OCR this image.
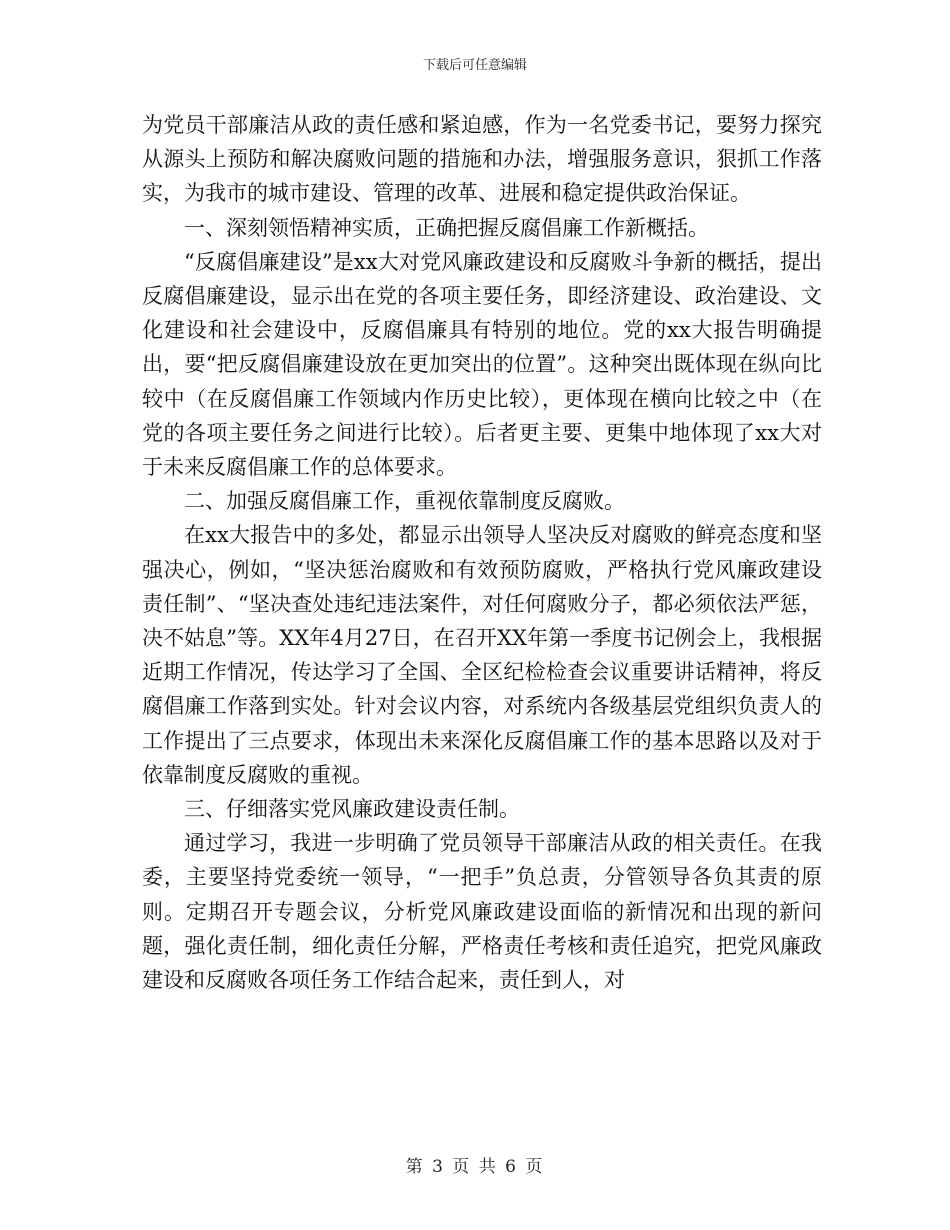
下载后可任意编辑

为党员干部廉洁从政的责任感和紧迫感，作为一名党委书记，要努力探究从源头上预防和解决腐败问题的措施和办法，增强服务意识，狠抓工作落实，为我市的城市建设、管理的改革、进展和稳定提供政治保证。

一、深刻领悟精神实质，正确把握反腐倡廉工作新概括。

“反腐倡廉建设”是xx大对党风廉政建设和反腐败斗争新的概括，提出反腐倡廉建设，显示出在党的各项主要任务，即经济建设、政治建设、文化建设和社会建设中，反腐倡廉具有特别的地位。党的xx大报告明确提出，要“把反腐倡廉建设放在更加突出的位置”。这种突出既体现在纵向比较中（在反腐倡廉工作领域内作历史比较），更体现在横向比较之中（在党的各项主要任务之间进行比较）。后者更主要、更集中地体现了xx大对于未来反腐倡廉工作的总体要求。

二、加强反腐倡廉工作，重视依靠制度反腐败。

在xx大报告中的多处，都显示出领导人坚决反对腐败的鲜亮态度和坚强决心，例如，“坚决惩治腐败和有效预防腐败，严格执行党风廉政建设责任制”、“坚决查处违纪违法案件，对任何腐败分子，都必须依法严惩，决不姑息”等。XX年4月27日，在召开XX年第一季度书记例会上，我根据近期工作情况，传达学习了全国、全区纪检检查会议重要讲话精神，将反腐倡廉工作落到实处。针对会议内容，对系统内各级基层党组织负责人的工作提出了三点要求，体现出未来深化反腐倡廉工作的基本思路以及对于依靠制度反腐败的重视。

三、仔细落实党风廉政建设责任制。

通过学习，我进一步明确了党员领导干部廉洁从政的相关责任。在我委，主要坚持党委统一领导，“一把手”负总责，分管领导各负其责的原则。定期召开专题会议，分析党风廉政建设面临的新情况和出现的新问题，强化责任制，细化责任分解，严格责任考核和责任追究，把党风廉政建设和反腐败各项任务工作结合起来，责任到人，对

第 3 页 共 6 页
